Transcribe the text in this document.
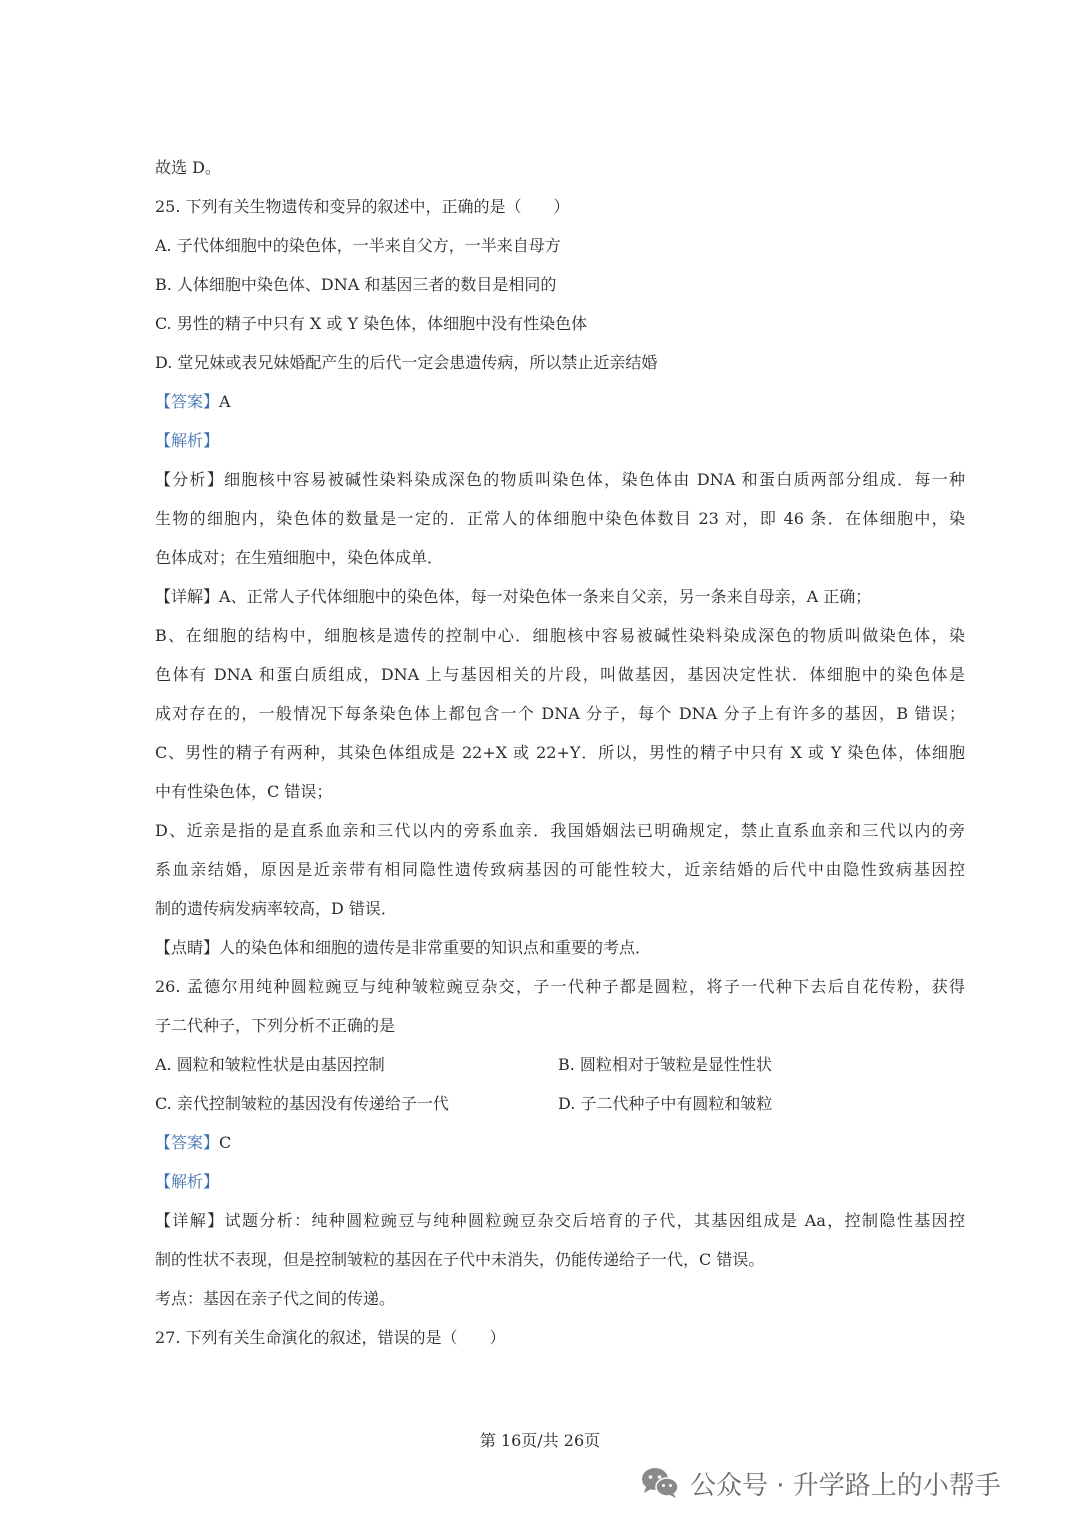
故选 D。
25. 下列有关生物遗传和变异的叙述中，正确的是（　　）
A. 子代体细胞中的染色体，一半来自父方，一半来自母方
B. 人体细胞中染色体、DNA 和基因三者的数目是相同的
C. 男性的精子中只有 X 或 Y 染色体，体细胞中没有性染色体
D. 堂兄妹或表兄妹婚配产生的后代一定会患遗传病，所以禁止近亲结婚
【答案】A
【解析】
【分析】细胞核中容易被碱性染料染成深色的物质叫染色体，染色体由 DNA 和蛋白质两部分组成．每一种
生物的细胞内，染色体的数量是一定的．正常人的体细胞中染色体数目 23 对，即 46 条．在体细胞中，染
色体成对；在生殖细胞中，染色体成单．
【详解】A、正常人子代体细胞中的染色体，每一对染色体一条来自父亲，另一条来自母亲，A 正确；
B、在细胞的结构中，细胞核是遗传的控制中心．细胞核中容易被碱性染料染成深色的物质叫做染色体，染
色体有 DNA 和蛋白质组成，DNA 上与基因相关的片段，叫做基因，基因决定性状．体细胞中的染色体是
成对存在的，一般情况下每条染色体上都包含一个 DNA 分子，每个 DNA 分子上有许多的基因，B 错误；
C、男性的精子有两种，其染色体组成是 22+X 或 22+Y．所以，男性的精子中只有 X 或 Y 染色体，体细胞
中有性染色体，C 错误；
D、近亲是指的是直系血亲和三代以内的旁系血亲．我国婚姻法已明确规定，禁止直系血亲和三代以内的旁
系血亲结婚，原因是近亲带有相同隐性遗传致病基因的可能性较大，近亲结婚的后代中由隐性致病基因控
制的遗传病发病率较高，D 错误．
【点睛】人的染色体和细胞的遗传是非常重要的知识点和重要的考点．
26. 孟德尔用纯种圆粒豌豆与纯种皱粒豌豆杂交，子一代种子都是圆粒，将子一代种下去后自花传粉，获得
子二代种子，下列分析不正确的是
A. 圆粒和皱粒性状是由基因控制	B. 圆粒相对于皱粒是显性性状
C. 亲代控制皱粒的基因没有传递给子一代	D. 子二代种子中有圆粒和皱粒
【答案】C
【解析】
【详解】试题分析：纯种圆粒豌豆与纯种圆粒豌豆杂交后培育的子代，其基因组成是 Aa，控制隐性基因控
制的性状不表现，但是控制皱粒的基因在子代中未消失，仍能传递给子一代，C 错误。
考点：基因在亲子代之间的传递。
27. 下列有关生命演化的叙述，错误的是（　　）
第 16页/共 26页
公众号 · 升学路上的小帮手
